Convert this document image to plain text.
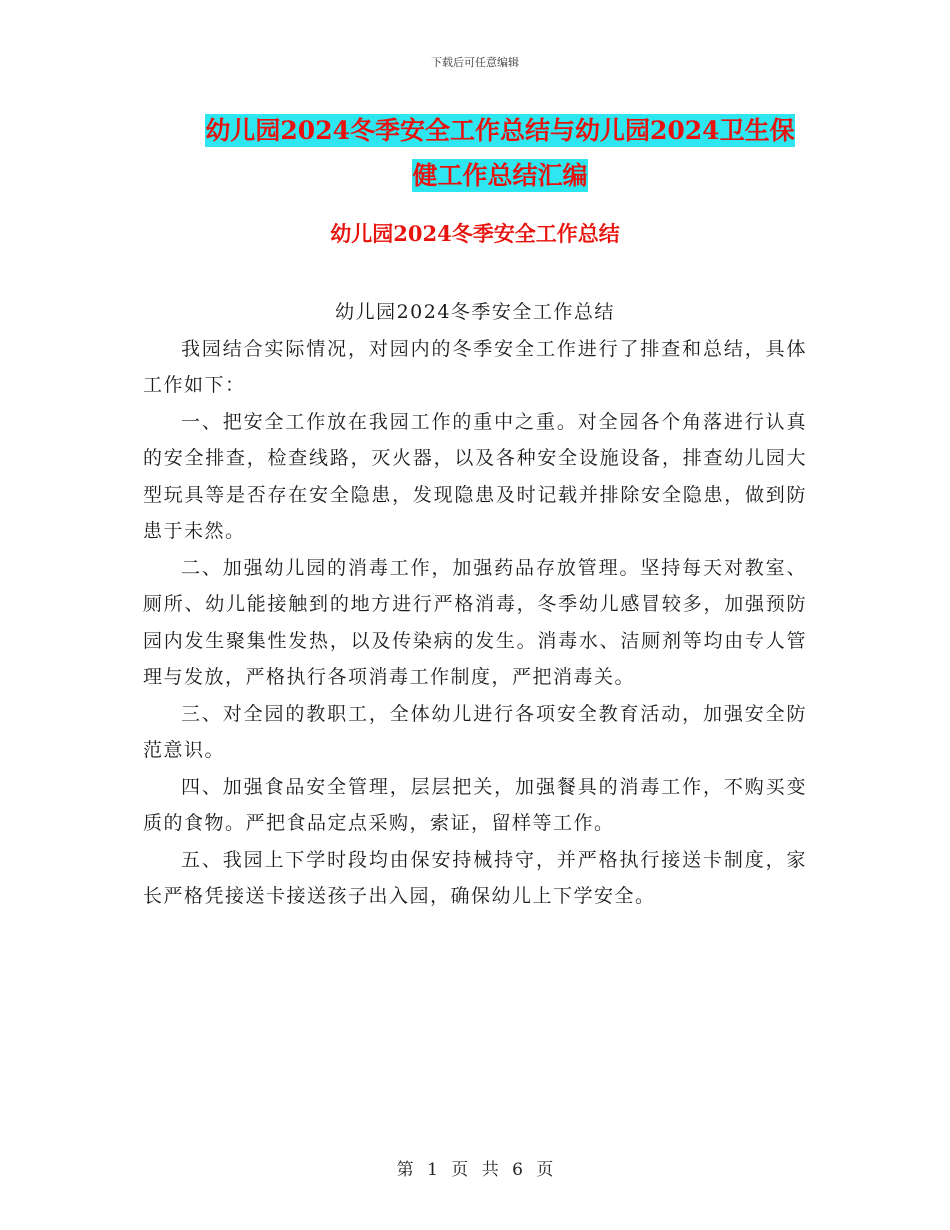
下载后可任意编辑
幼儿园2024冬季安全工作总结与幼儿园2024卫生保
健工作总结汇编
幼儿园2024冬季安全工作总结

幼儿园2024冬季安全工作总结

我园结合实际情况，对园内的冬季安全工作进行了排查和总结，具体工作如下：

一、把安全工作放在我园工作的重中之重。对全园各个角落进行认真的安全排查，检查线路，灭火器，以及各种安全设施设备，排查幼儿园大型玩具等是否存在安全隐患，发现隐患及时记载并排除安全隐患，做到防患于未然。

二、加强幼儿园的消毒工作，加强药品存放管理。坚持每天对教室、厕所、幼儿能接触到的地方进行严格消毒，冬季幼儿感冒较多，加强预防园内发生聚集性发热，以及传染病的发生。消毒水、洁厕剂等均由专人管理与发放，严格执行各项消毒工作制度，严把消毒关。

三、对全园的教职工，全体幼儿进行各项安全教育活动，加强安全防范意识。

四、加强食品安全管理，层层把关，加强餐具的消毒工作，不购买变质的食物。严把食品定点采购，索证，留样等工作。

五、我园上下学时段均由保安持械持守，并严格执行接送卡制度，家长严格凭接送卡接送孩子出入园，确保幼儿上下学安全。

第 1 页 共 6 页
